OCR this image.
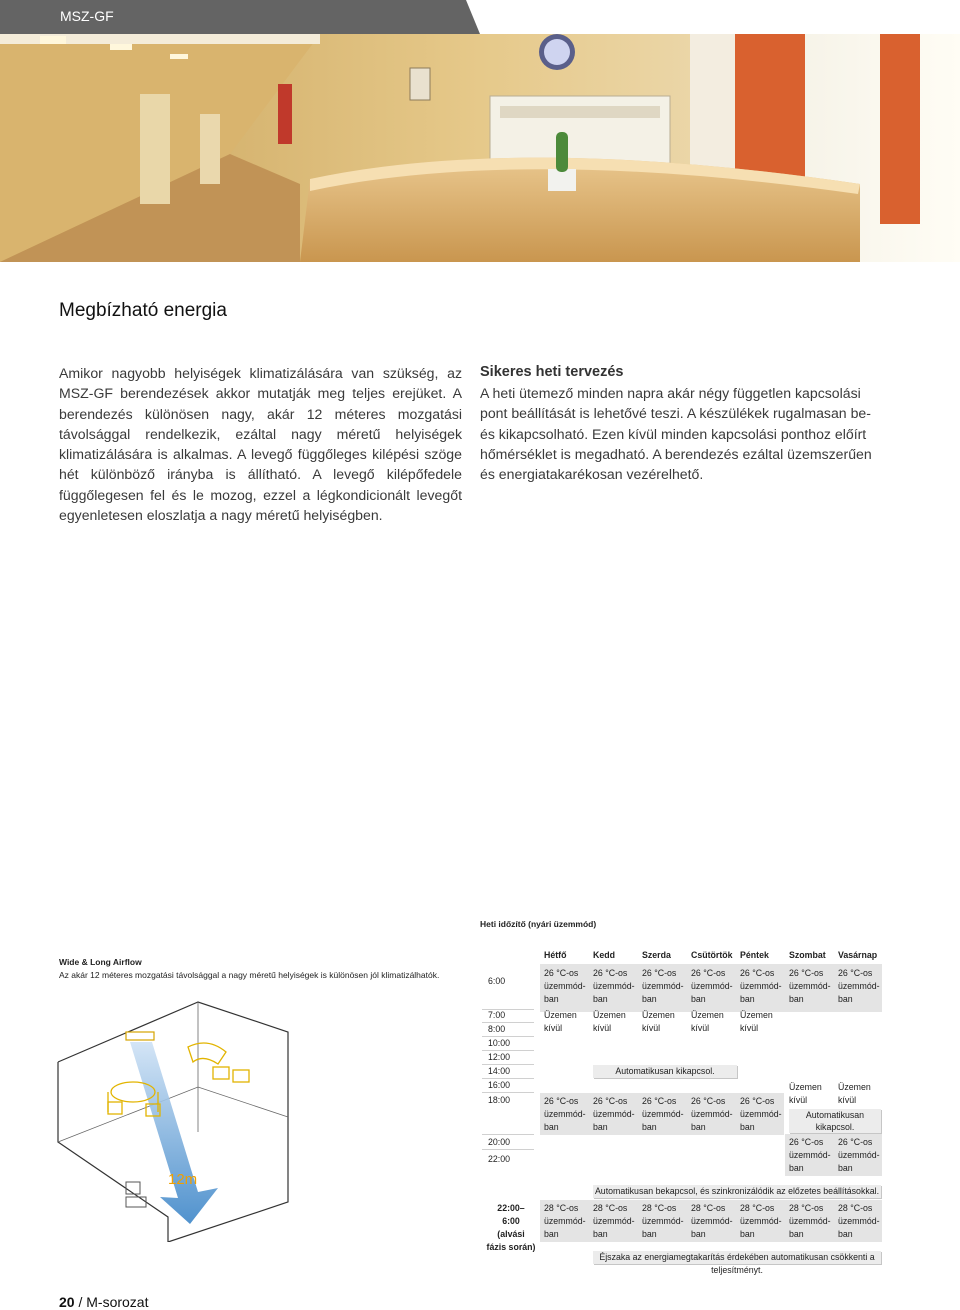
MSZ-GF
Megbízható energia

Amikor nagyobb helyiségek klimatizálására van szükség, az MSZ-GF berendezések akkor mutatják meg teljes erejüket. A berendezés különösen nagy, akár 12 méteres mozgatási távolsággal rendelkezik, ezáltal nagy méretű helyiségek klimatizálására is alkalmas. A levegő függőleges kilépési szöge hét különböző irányba is állítható. A levegő kilépőfedele függőlegesen fel és le mozog, ezzel a légkondicionált levegőt egyenletesen eloszlatja a nagy méretű helyiségben.

Sikeres heti tervezés

A heti ütemező minden napra akár négy független kapcsolási pont beállítását is lehetővé teszi. A készülékek rugalmasan be- és kikapcsolható. Ezen kívül minden kapcsolási ponthoz előírt hőmérséklet is megadható. A berendezés ezáltal üzemszerűen és energiatakarékosan vezérelhető.

Wide & Long Airflow
Az akár 12 méteres mozgatási távolsággal a nagy méretű helyiségek is különösen jól klimatizálhatók.
12m
Heti időzítő (nyári üzemmód)
Hétfő	Kedd	Szerda Csütörtök Péntek Szombat Vasárnap
6:00
7:00
8:00
10:00
12:00
14:00
16:00
18:00
20:00
22:00
22:00–
6:00
(alvási
fázis során)
26 °C-os üzemmódban
26 °C-os üzemmódban
26 °C-os üzemmódban
26 °C-os üzemmódban
26 °C-os üzemmódban
26 °C-os üzemmódban
26 °C-os üzemmódban
Üzemen kívül
Üzemen kívül
Üzemen kívül
Üzemen kívül
Üzemen kívül
Automatikusan kikapcsol.
Üzemen kívül
Üzemen kívül
Automatikusan kikapcsol.
26 °C-os üzemmódban
26 °C-os üzemmódban
26 °C-os üzemmódban
26 °C-os üzemmódban
26 °C-os üzemmódban
26 °C-os üzemmódban
26 °C-os üzemmódban
Automatikusan bekapcsol, és szinkronizálódik az előzetes beállításokkal.
28 °C-os üzemmódban
28 °C-os üzemmódban
28 °C-os üzemmódban
28 °C-os üzemmódban
28 °C-os üzemmódban
28 °C-os üzemmódban
28 °C-os üzemmódban
Éjszaka az energiamegtakarítás érdekében automatikusan csökkenti a teljesítményt.
20 / M-sorozat
